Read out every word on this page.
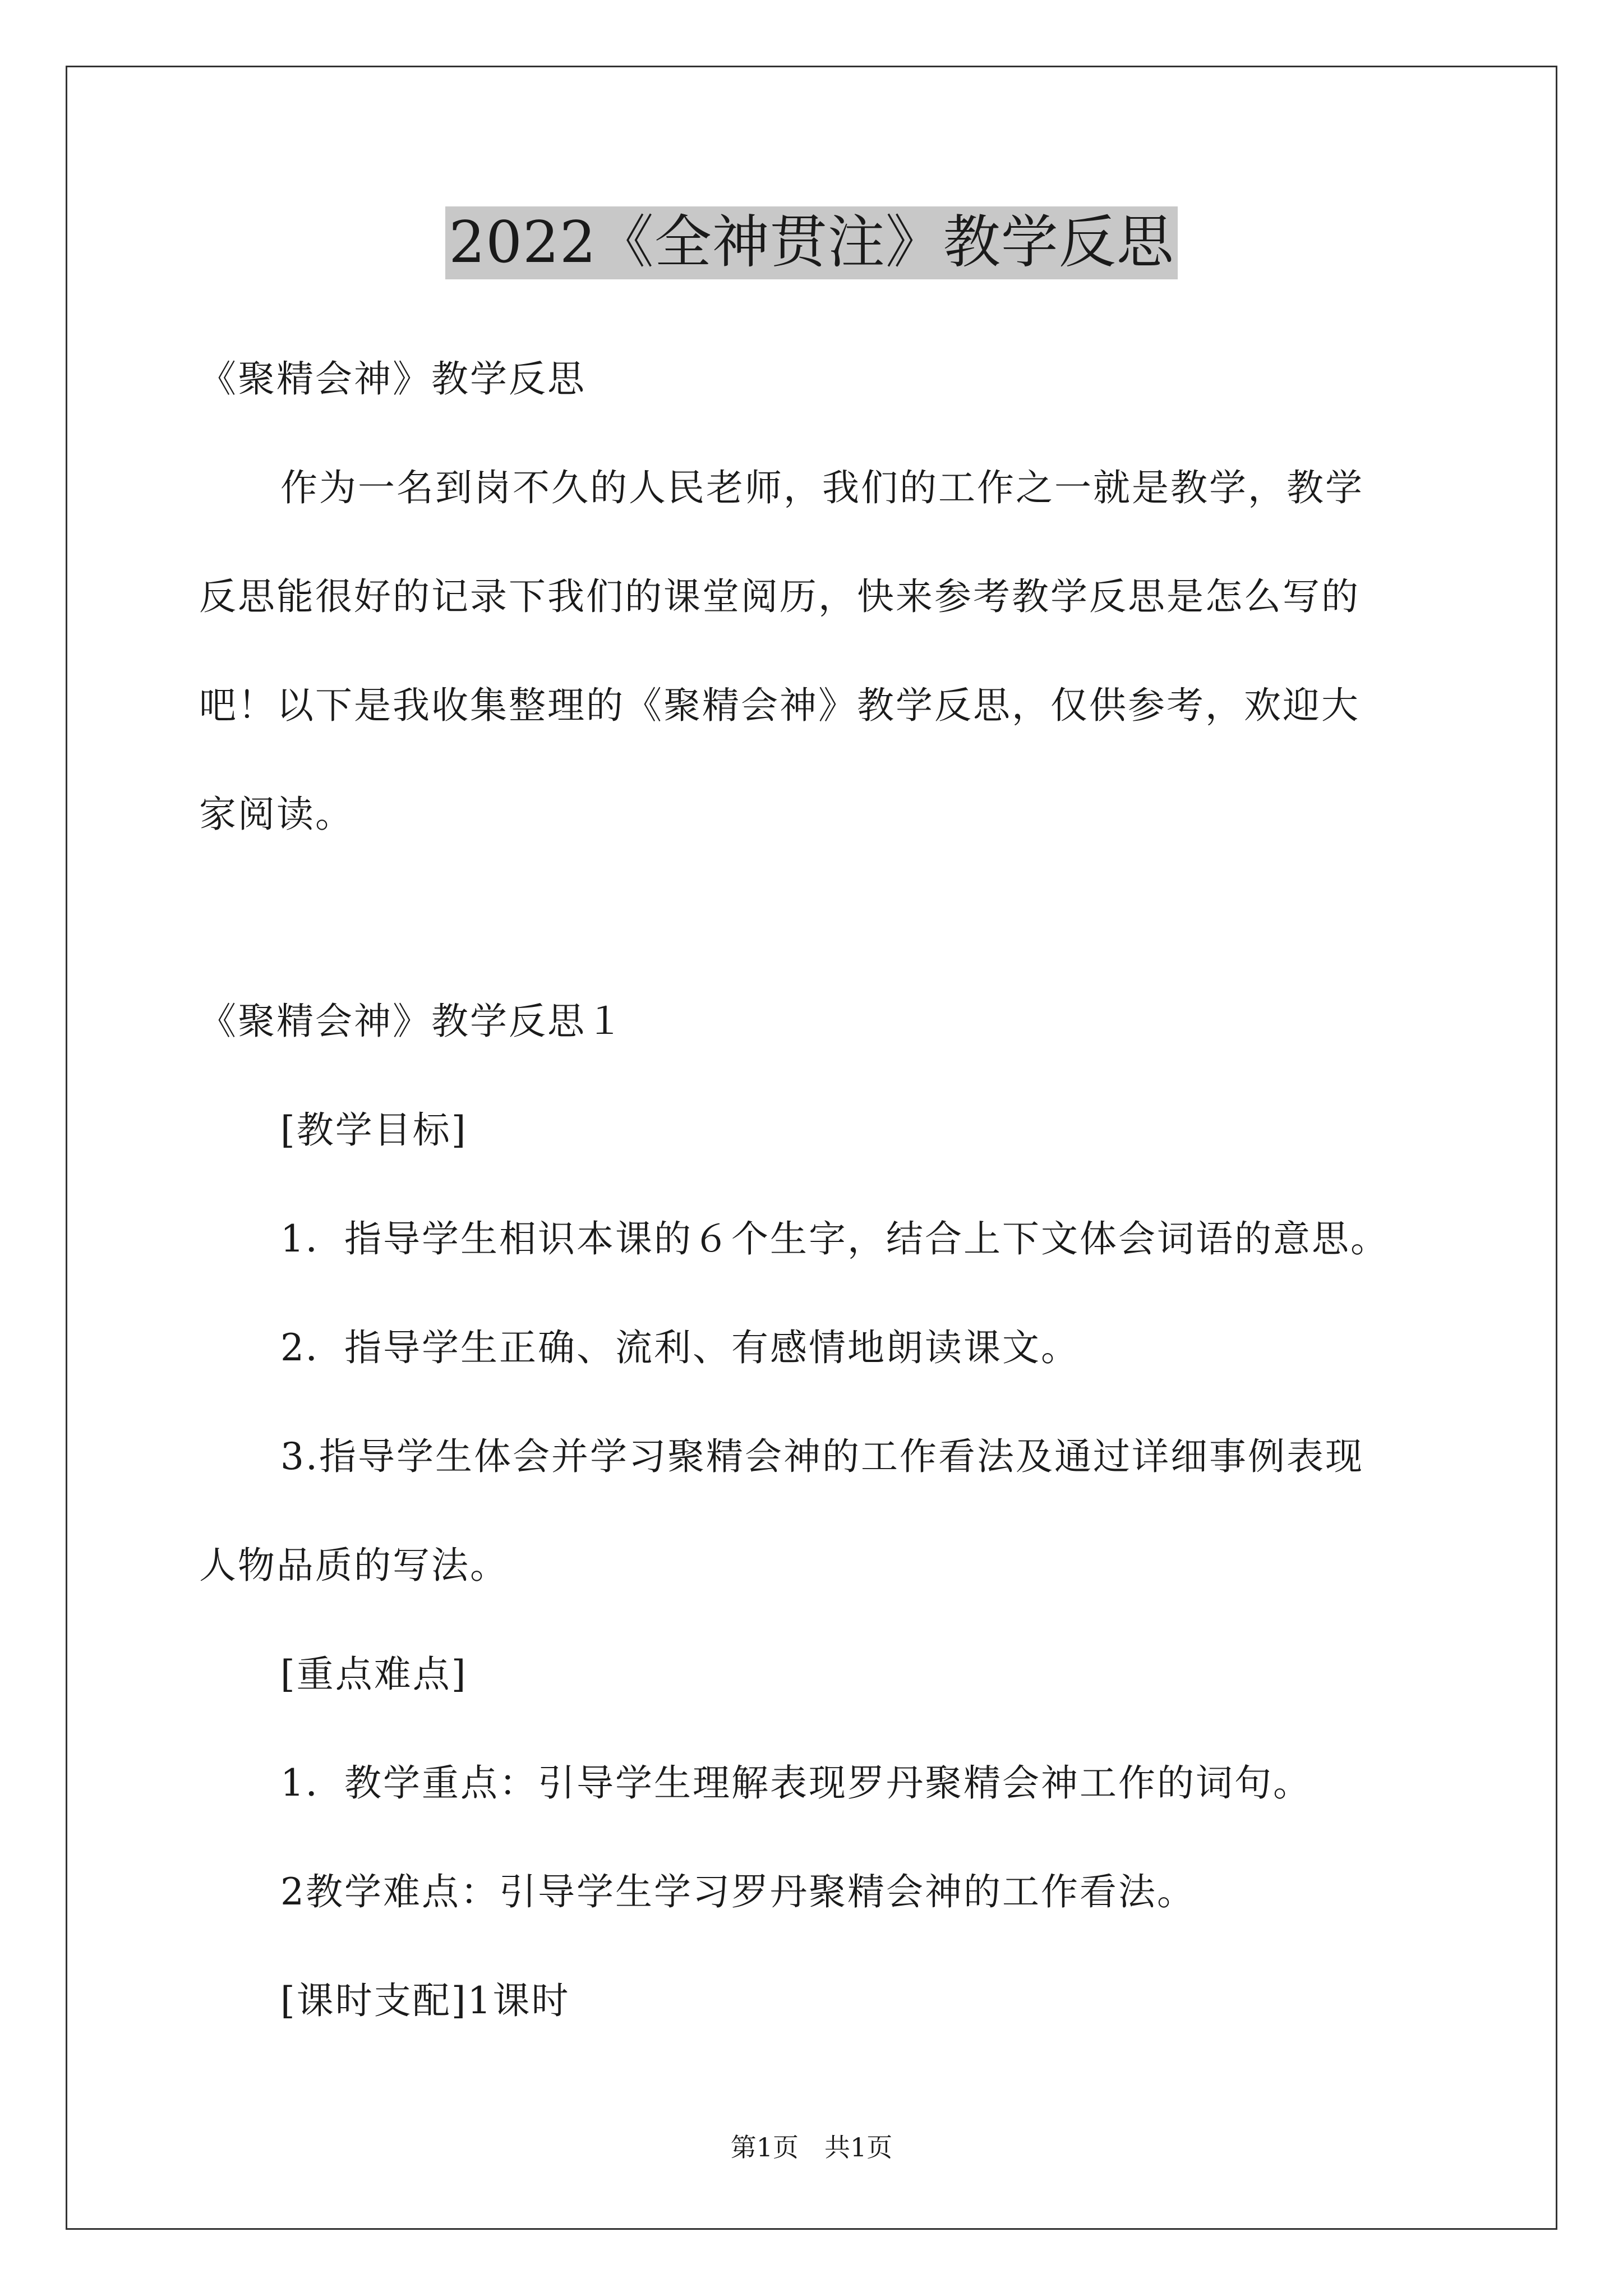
2022《全神贯注》教学反思
《聚精会神》教学反思
作为一名到岗不久的人民老师，我们的工作之一就是教学，教学
反思能很好的记录下我们的课堂阅历，快来参考教学反思是怎么写的
吧！以下是我收集整理的《聚精会神》教学反思，仅供参考，欢迎大
家阅读。
《聚精会神》教学反思１
[教学目标]
1．指导学生相识本课的６个生字，结合上下文体会词语的意思。
2．指导学生正确、流利、有感情地朗读课文。
3.指导学生体会并学习聚精会神的工作看法及通过详细事例表现
人物品质的写法。
[重点难点]
1．教学重点：引导学生理解表现罗丹聚精会神工作的词句。
2教学难点：引导学生学习罗丹聚精会神的工作看法。
[课时支配]1课时
第1页　共1页
